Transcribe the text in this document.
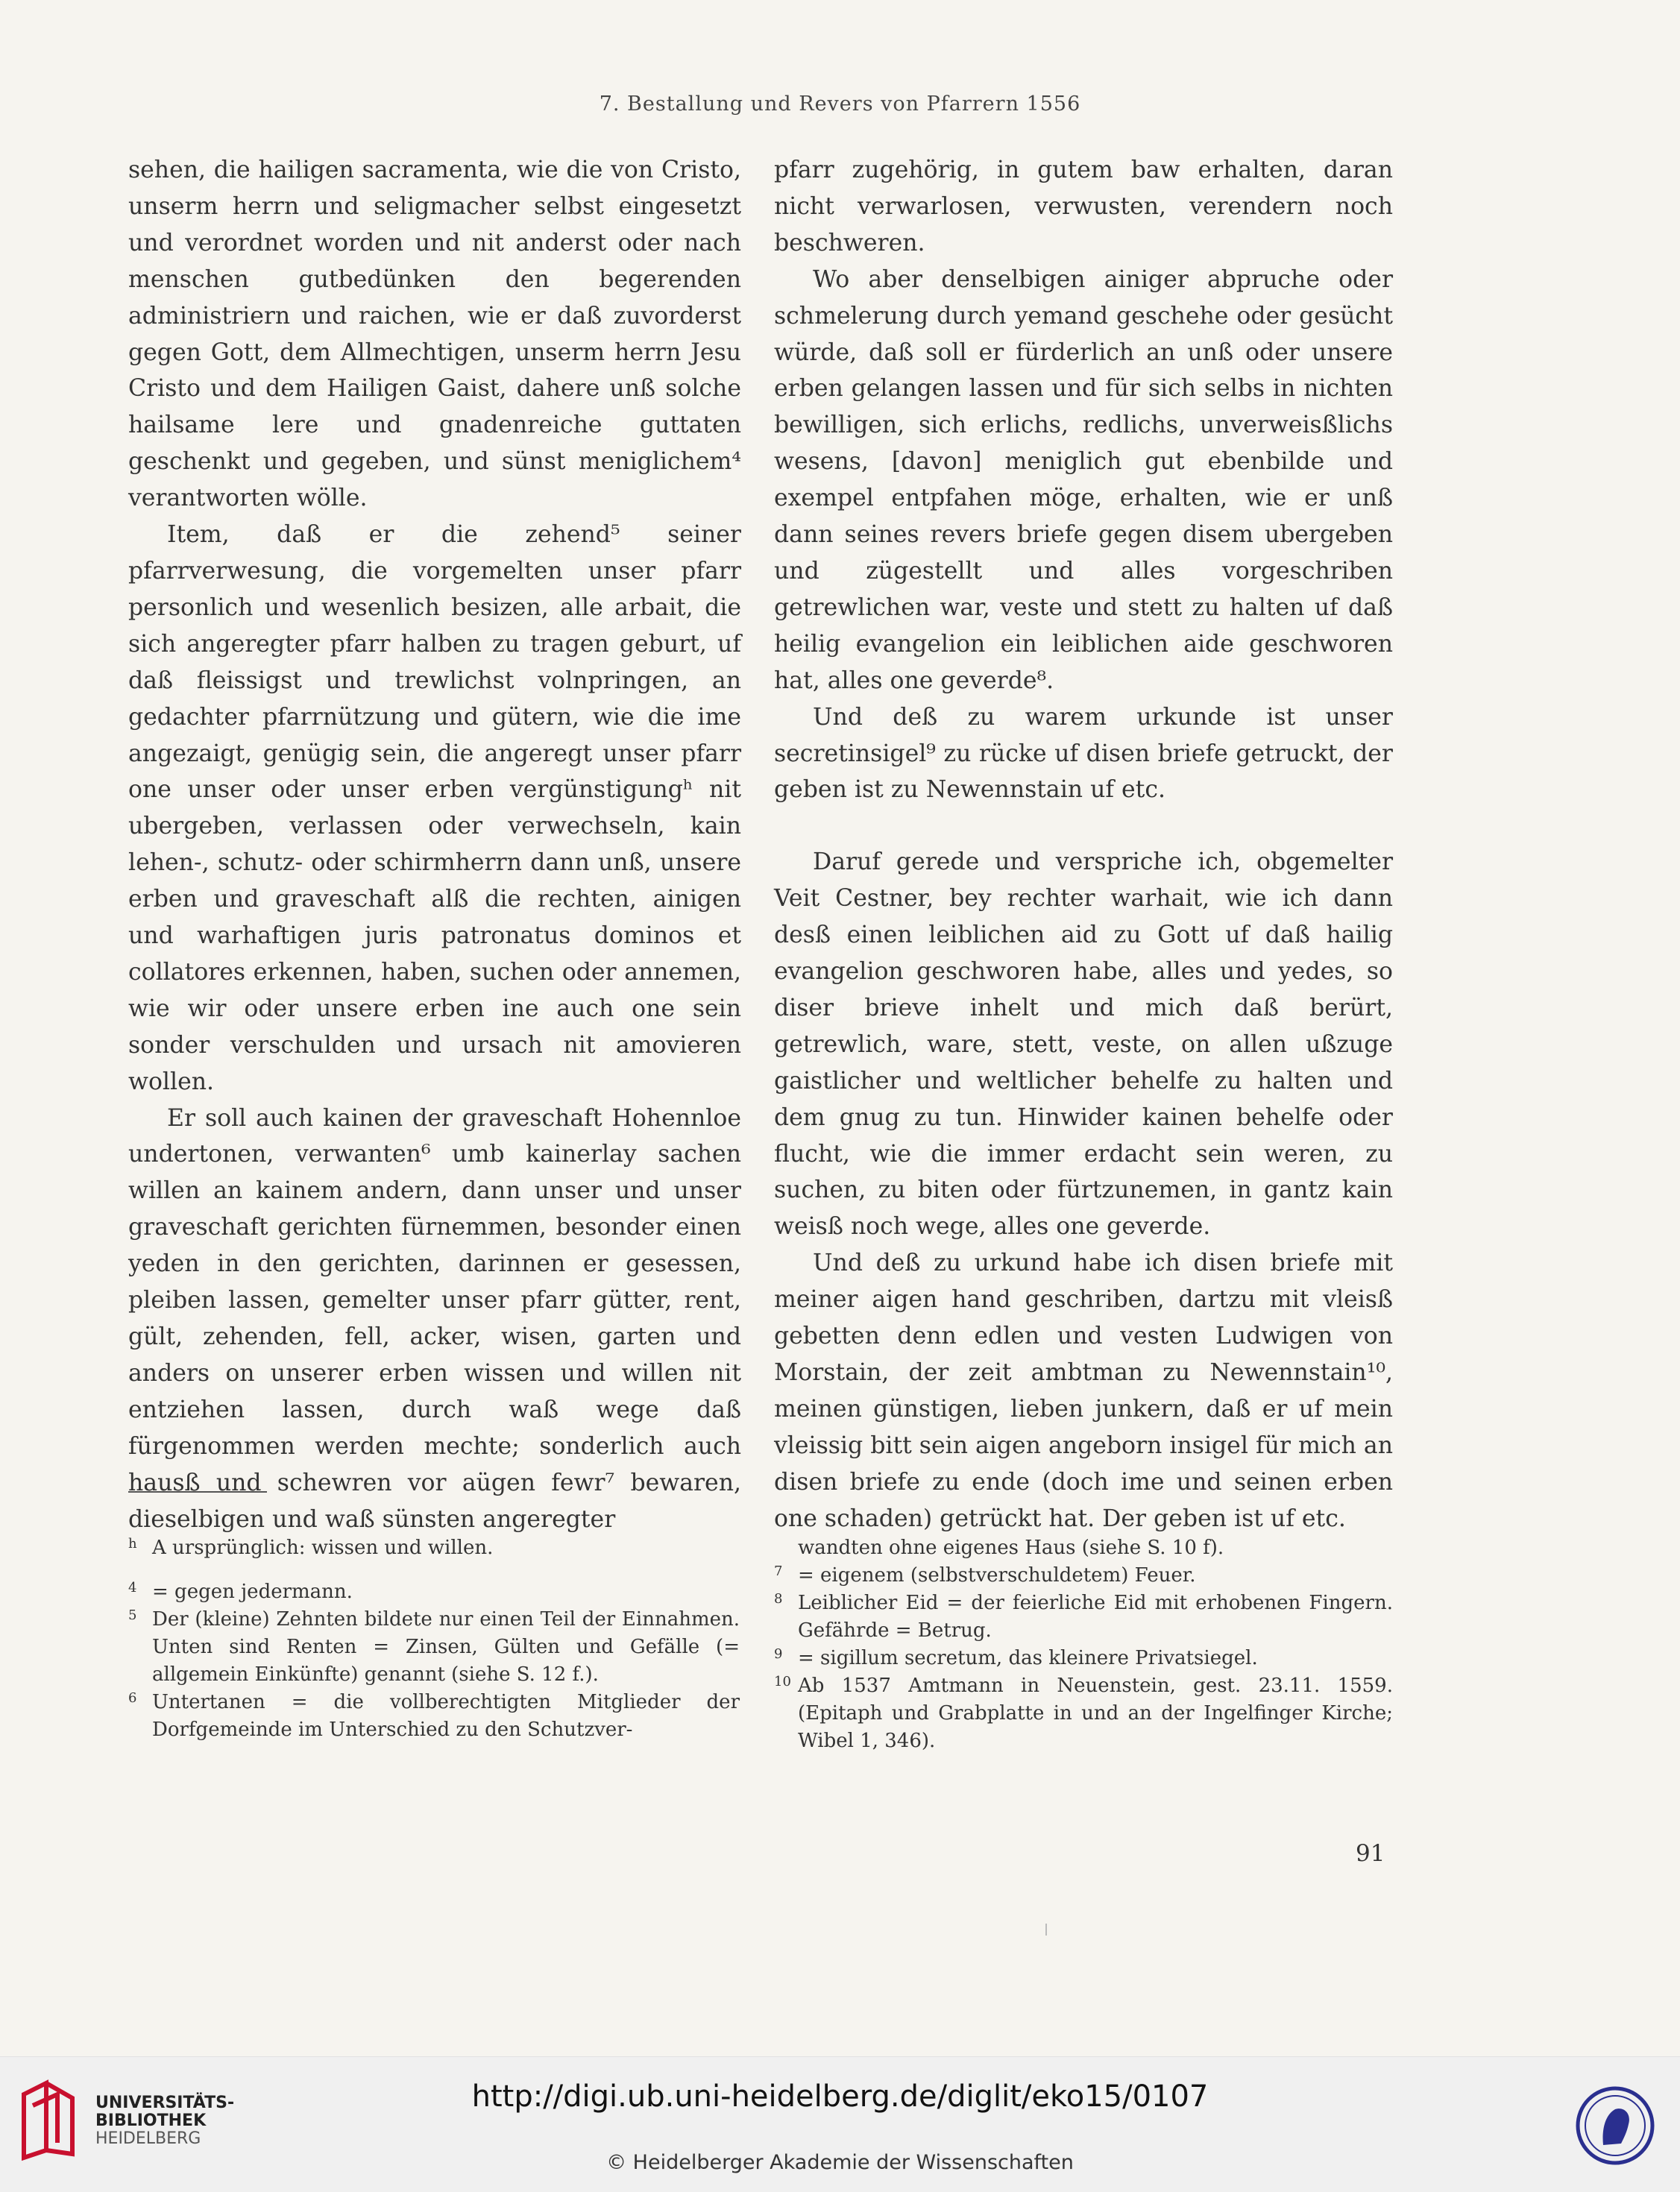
7. Bestallung und Revers von Pfarrern 1556

sehen, die hailigen sacramenta, wie die von Cristo, unserm herrn und seligmacher selbst eingesetzt und verordnet worden und nit anderst oder nach menschen gutbedünken den begerenden administriern und raichen, wie er daß zuvorderst gegen Gott, dem Allmechtigen, unserm herrn Jesu Cristo und dem Hailigen Gaist, dahere unß solche hailsame lere und gnadenreiche guttaten geschenkt und gegeben, und sünst meniglichem⁴ verantworten wölle.

Item, daß er die zehend⁵ seiner pfarrverwesung, die vorgemelten unser pfarr personlich und wesenlich besizen, alle arbait, die sich angeregter pfarr halben zu tragen geburt, uf daß fleissigst und trewlichst volnpringen, an gedachter pfarrnützung und gütern, wie die ime angezaigt, genügig sein, die angeregt unser pfarr one unser oder unser erben vergünstigungʰ nit ubergeben, verlassen oder verwechseln, kain lehen-, schutz- oder schirmherrn dann unß, unsere erben und graveschaft alß die rechten, ainigen und warhaftigen juris patronatus dominos et collatores erkennen, haben, suchen oder annemen, wie wir oder unsere erben ine auch one sein sonder verschulden und ursach nit amovieren wollen.

Er soll auch kainen der graveschaft Hohennloe undertonen, verwanten⁶ umb kainerlay sachen willen an kainem andern, dann unser und unser graveschaft gerichten fürnemmen, besonder einen yeden in den gerichten, darinnen er gesessen, pleiben lassen, gemelter unser pfarr gütter, rent, gült, zehenden, fell, acker, wisen, garten und anders on unserer erben wissen und willen nit entziehen lassen, durch waß wege daß fürgenommen werden mechte; sonderlich auch hausß und schewren vor aügen fewr⁷ bewaren, dieselbigen und waß sünsten angeregter

pfarr zugehörig, in gutem baw erhalten, daran nicht verwarlosen, verwusten, verendern noch beschweren.

Wo aber denselbigen ainiger abpruche oder schmelerung durch yemand geschehe oder gesücht würde, daß soll er fürderlich an unß oder unsere erben gelangen lassen und für sich selbs in nichten bewilligen, sich erlichs, redlichs, unverweisßlichs wesens, [davon] meniglich gut ebenbilde und exempel entpfahen möge, erhalten, wie er unß dann seines revers briefe gegen disem ubergeben und zügestellt und alles vorgeschriben getrewlichen war, veste und stett zu halten uf daß heilig evangelion ein leiblichen aide geschworen hat, alles one geverde⁸.

Und deß zu warem urkunde ist unser secretinsigel⁹ zu rücke uf disen briefe getruckt, der geben ist zu Newennstain uf etc.

Daruf gerede und verspriche ich, obgemelter Veit Cestner, bey rechter warhait, wie ich dann desß einen leiblichen aid zu Gott uf daß hailig evangelion geschworen habe, alles und yedes, so diser brieve inhelt und mich daß berürt, getrewlich, ware, stett, veste, on allen ußzuge gaistlicher und weltlicher behelfe zu halten und dem gnug zu tun. Hinwider kainen behelfe oder flucht, wie die immer erdacht sein weren, zu suchen, zu biten oder fürtzunemen, in gantz kain weisß noch wege, alles one geverde.

Und deß zu urkund habe ich disen briefe mit meiner aigen hand geschriben, dartzu mit vleisß gebetten denn edlen und vesten Ludwigen von Morstain, der zeit ambtman zu Newennstain¹⁰, meinen günstigen, lieben junkern, daß er uf mein vleissig bitt sein aigen angeborn insigel für mich an disen briefe zu ende (doch ime und seinen erben one schaden) getrückt hat. Der geben ist uf etc.

h A ursprünglich: wissen und willen.
4 = gegen jedermann.
5 Der (kleine) Zehnten bildete nur einen Teil der Einnahmen. Unten sind Renten = Zinsen, Gülten und Gefälle (= allgemein Einkünfte) genannt (siehe S. 12 f.).
6 Untertanen = die vollberechtigten Mitglieder der Dorfgemeinde im Unterschied zu den Schutzver-
wandten ohne eigenes Haus (siehe S. 10 f).
7 = eigenem (selbstverschuldetem) Feuer.
8 Leiblicher Eid = der feierliche Eid mit erhobenen Fingern. Gefährde = Betrug.
9 = sigillum secretum, das kleinere Privatsiegel.
10 Ab 1537 Amtmann in Neuenstein, gest. 23.11. 1559. (Epitaph und Grabplatte in und an der Ingelfinger Kirche; Wibel 1, 346).
91
UNIVERSITÄTS-
BIBLIOTHEK
HEIDELBERG
http://digi.ub.uni-heidelberg.de/diglit/eko15/0107
© Heidelberger Akademie der Wissenschaften
